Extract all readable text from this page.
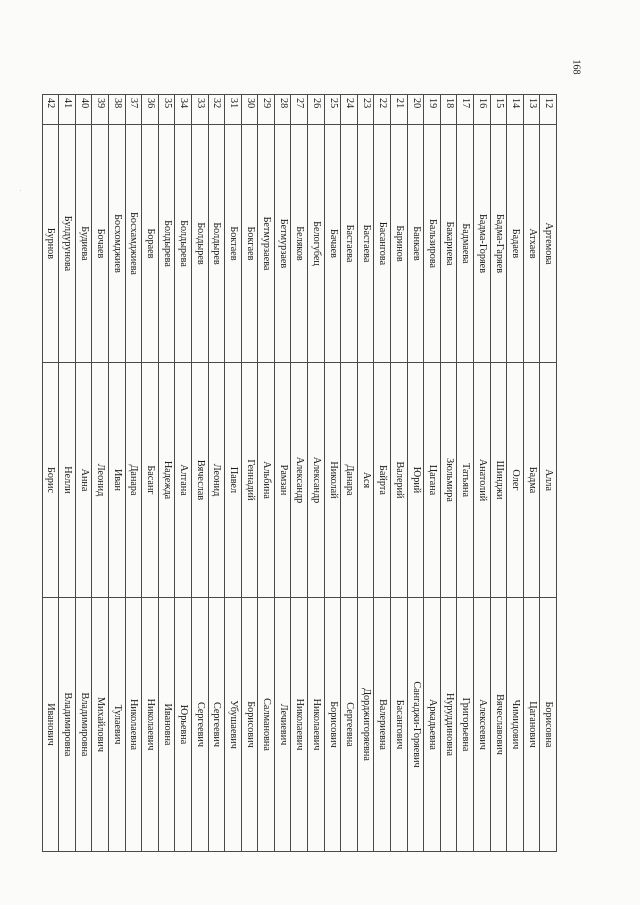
168
12	Артемова	Алла	Борисовна
13	Атхаев	Бадма	Цаганович
14	Бадаев	Олег	Чимидович
15	Бадма-Гаряев	Шинджи	Вячеславович
16	Бадма-Горяев	Анатолий	Алексеевич
17	Бадмаева	Татьяна	Григорьевна
18	Бакариева	Зюльмира	Нуруддиновна
19	Бальзирова	Цагана	Аркадьевна
20	Банкаев	Юрий	Сангаджи-Горяевич
21	Баринов	Валерий	Басангович
22	Басангова	Байрта	Валериевна
23	Бастаева	Ася	Дорджигоряевна
24	Бастаева	Данара	Сергеевна
25	Бачаев	Николай	Борисович
26	Белогубец	Александр	Николаевич
27	Беляков	Александр	Николаевич
28	Бетмурзаев	Рамзан	Лечиевич
29	Бетмурзаева	Альбина	Салмановна
30	Бокгаев	Геннадий	Борисович
31	Боктаев	Павел	Убушаевич
32	Болдырев	Леонид	Сергеевич
33	Болдырев	Вячеслав	Сергеевич
34	Болдырева	Алтана	Юрьевна
35	Болдырева	Надежда	Ивановна
36	Бораев	Басанг	Николаевич
37	Босхамджиева	Данара	Николаевна
38	Босхомджиев	Иван	Тулаевич
39	Бочаев	Леонид	Михайлович
40	Будиева	Анна	Владимировна
41	Булдурунова	Нелли	Владимировна
42	Бурнов	Борис	Иванович
